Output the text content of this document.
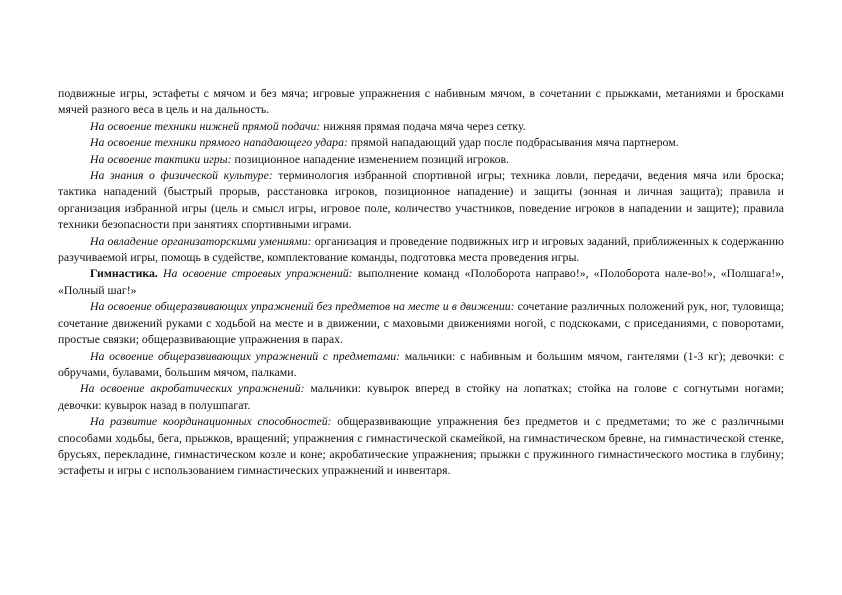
подвижные игры, эстафеты с мячом и без мяча; игровые упражнения с набивным мячом, в сочетании с прыжками, метаниями и бросками мячей разного веса в цель и на дальность.

На освоение техники нижней прямой подачи: нижняя прямая подача мяча через сетку.

На освоение техники прямого нападающего удара: прямой нападающий удар после подбрасывания мяча партнером.

На освоение тактики игры: позиционное нападение изменением позиций игроков.

На знания о физической культуре: терминология избранной спортивной игры; техника ловли, передачи, ведения мяча или броска; тактика нападений (быстрый прорыв, расстановка игроков, позиционное нападение) и защиты (зонная и личная защита); правила и организация избранной игры (цель и смысл игры, игровое поле, количество участников, поведение игроков в нападении и защите); правила техники безопасности при занятиях спортивными играми.

На овладение организаторскими умениями: организация и проведение подвижных игр и игровых заданий, приближенных к содержанию разучиваемой игры, помощь в судействе, комплектование команды, подготовка места проведения игры.

Гимнастика. На освоение строевых упражнений: выполнение команд «Полоборота направо!», «Полоборота нале-во!», «Полшага!», «Полный шаг!»

На освоение общеразвивающих упражнений без предметов на месте и в движении: сочетание различных положений рук, ног, туловища; сочетание движений руками с ходьбой на месте и в движении, с маховыми движениями ногой, с подскоками, с приседаниями, с поворотами, простые связки; общеразвивающие упражнения в парах.

На освоение общеразвивающих упражнений с предметами: мальчики: с набивным и большим мячом, гантелями (1-3 кг); девочки: с обручами, булавами, большим мячом, палками.

На освоение акробатических упражнений: мальчики: кувырок вперед в стойку на лопатках; стойка на голове с согнутыми ногами; девочки: кувырок назад в полушпагат.

На развитие координационных способностей: общеразвивающие упражнения без предметов и с предметами; то же с различными способами ходьбы, бега, прыжков, вращений; упражнения с гимнастической скамейкой, на гимнастическом бревне, на гимнастической стенке, брусьях, перекладине, гимнастическом козле и коне; акробатические упражнения; прыжки с пружинного гимнастического мостика в глубину; эстафеты и игры с использованием гимнастических упражнений и инвентаря.
